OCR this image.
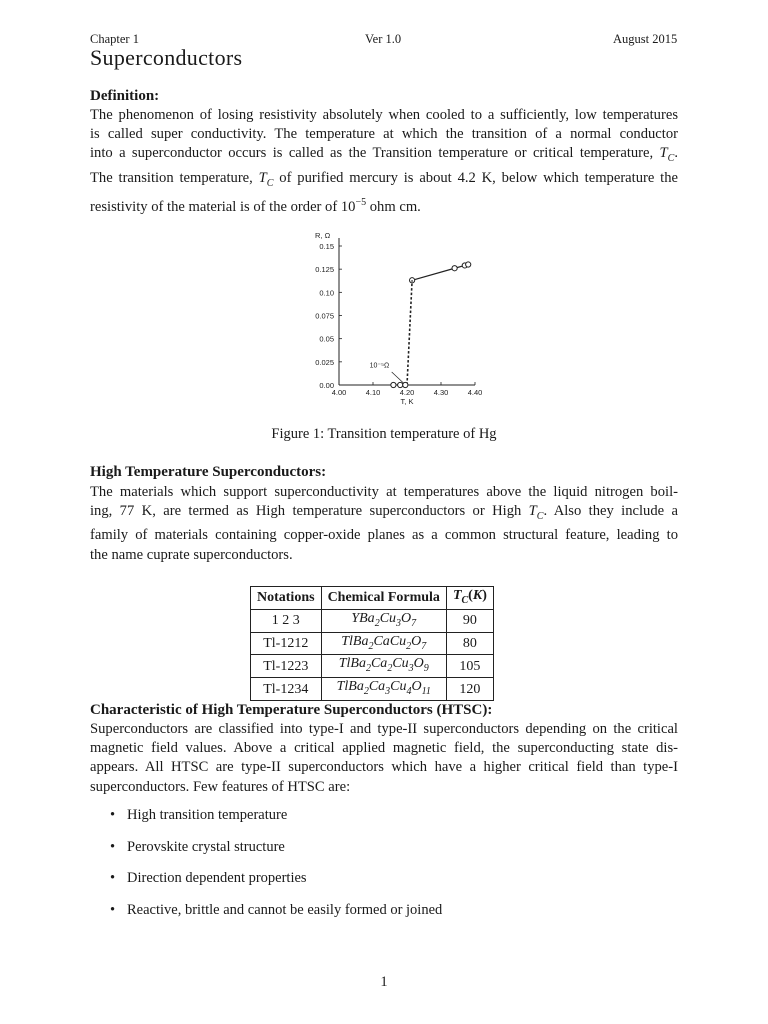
Chapter 1	Ver 1.0	August 2015
Superconductors
Definition:
The phenomenon of losing resistivity absolutely when cooled to a sufficiently, low temperatures
is called super conductivity. The temperature at which the transition of a normal conductor
into a superconductor occurs is called as the Transition temperature or critical temperature, $T_C$.
The transition temperature, $T_C$ of purified mercury is about 4.2 K, below which temperature the
resistivity of the material is of the order of $10^{-5}$ ohm cm.
0.00
0.025
0.05
0.075
0.10
0.125
0.15
4.00	4.10	4.20	4.30	4.40
R, Ω
T, K
10⁻⁵Ω
Figure 1: Transition temperature of Hg
High Temperature Superconductors:
The materials which support superconductivity at temperatures above the liquid nitrogen boil-
ing, 77 K, are termed as High temperature superconductors or High $T_C$. Also they include a
family of materials containing copper-oxide planes as a common structural feature, leading to
the name cuprate superconductors.
Notations	Chemical Formula	$T_C(K)$
1 2 3	$YBa_2Cu_3O_7$	90
Tl-1212	$TlBa_2CaCu_2O_7$	80
Tl-1223	$TlBa_2Ca_2Cu_3O_9$	105
Tl-1234	$TlBa_2Ca_3Cu_4O_{11}$	120
Characteristic of High Temperature Superconductors (HTSC):
Superconductors are classified into type-I and type-II superconductors depending on the critical
magnetic field values. Above a critical applied magnetic field, the superconducting state dis-
appears. All HTSC are type-II superconductors which have a higher critical field than type-I
superconductors. Few features of HTSC are:
• High transition temperature
• Perovskite crystal structure
• Direction dependent properties
• Reactive, brittle and cannot be easily formed or joined
1
